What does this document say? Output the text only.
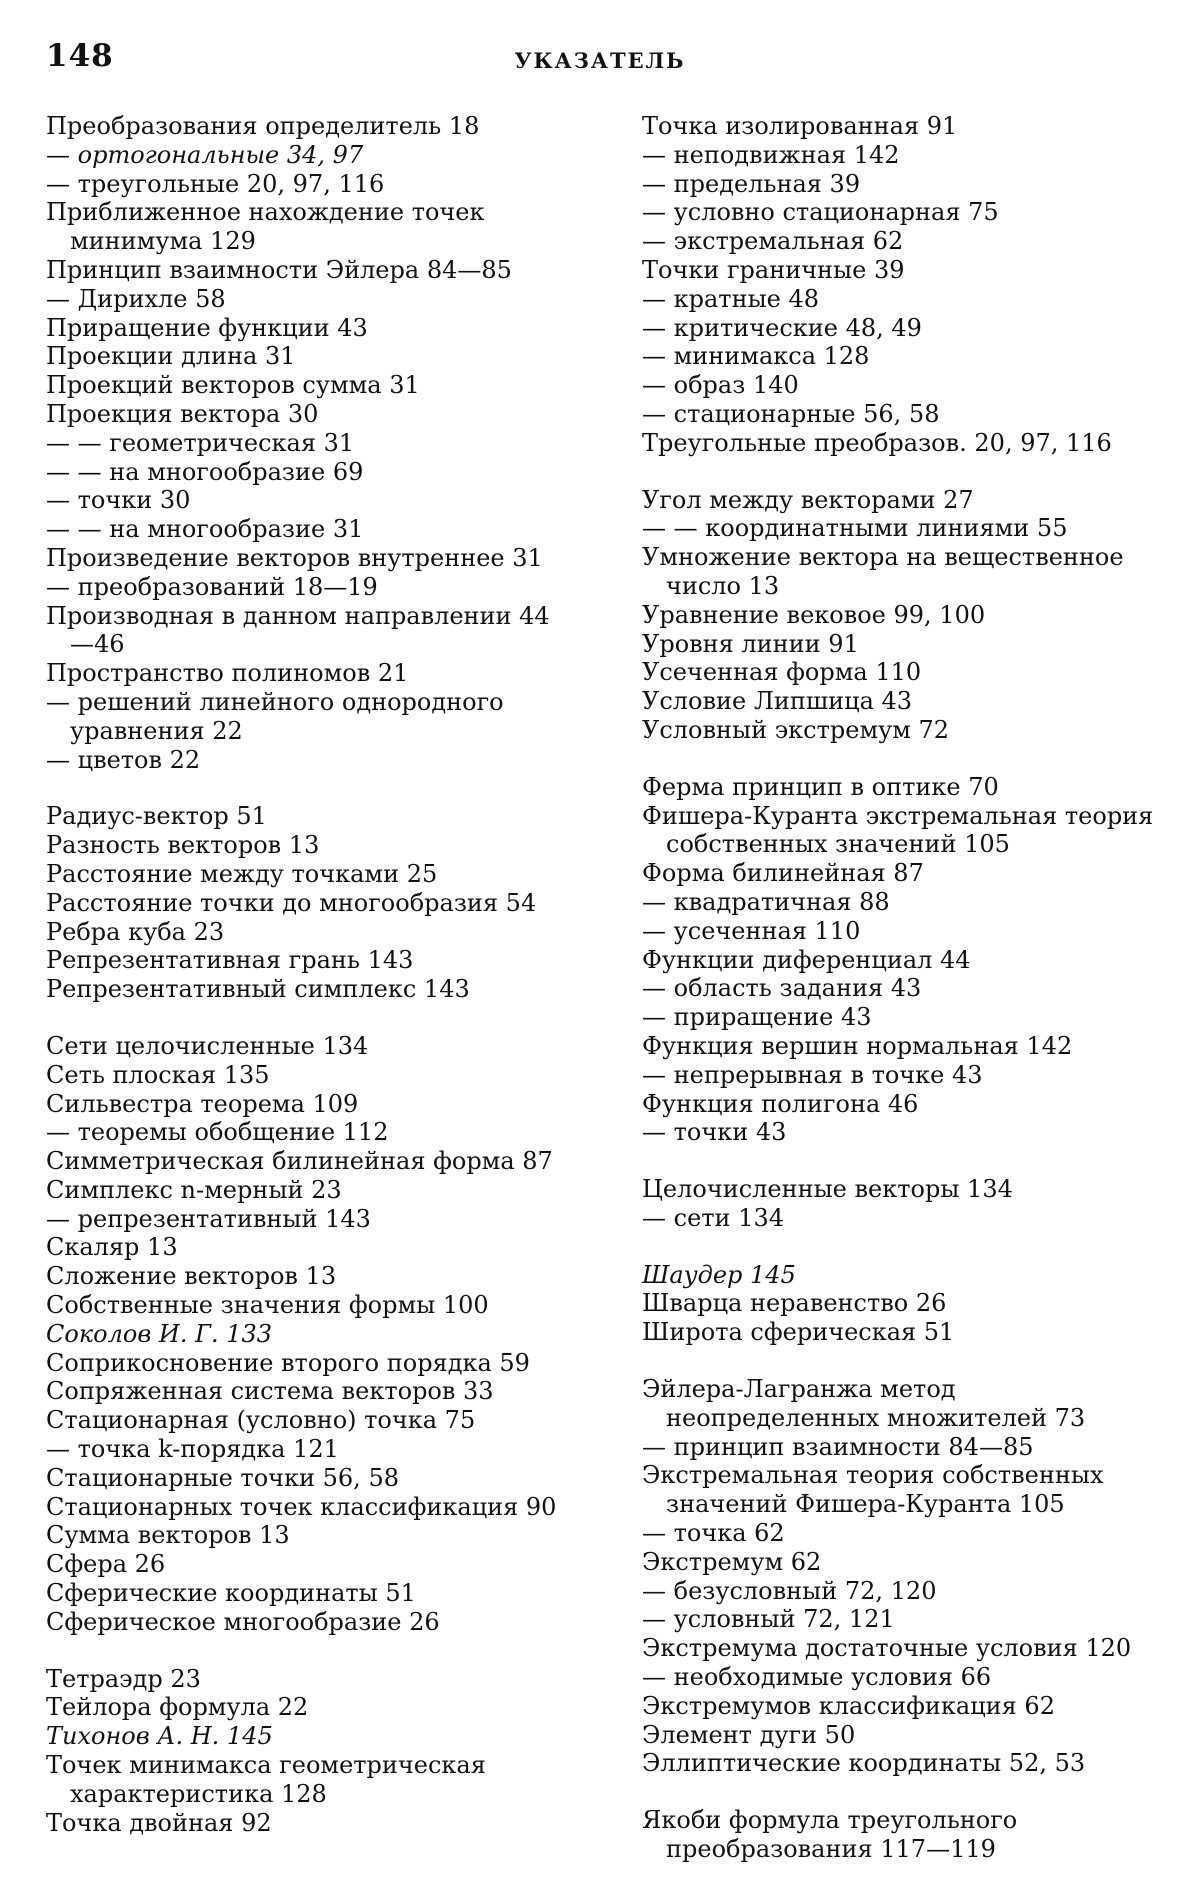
148	УКАЗАТЕЛЬ
Преобразования определитель 18
— ортогональные 34, 97
— треугольные 20, 97, 116
Приближенное нахождение точек минимума 129
Принцип взаимности Эйлера 84—85
— Дирихле 58
Приращение функции 43
Проекции длина 31
Проекций векторов сумма 31
Проекция вектора 30
— — геометрическая 31
— — на многообразие 69
— точки 30
— — на многообразие 31
Произведение векторов внутреннее 31
— преобразований 18—19
Производная в данном направлении 44—46
Пространство полиномов 21
— решений линейного однородного уравнения 22
— цветов 22
Радиус-вектор 51
Разность векторов 13
Расстояние между точками 25
Расстояние точки до многообразия 54
Ребра куба 23
Репрезентативная грань 143
Репрезентативный симплекс 143
Сети целочисленные 134
Сеть плоская 135
Сильвестра теорема 109
— теоремы обобщение 112
Симметрическая билинейная форма 87
Симплекс n-мерный 23
— репрезентативный 143
Скаляр 13
Сложение векторов 13
Собственные значения формы 100
Соколов И. Г. 133
Соприкосновение второго порядка 59
Сопряженная система векторов 33
Стационарная (условно) точка 75
— точка k-порядка 121
Стационарные точки 56, 58
Стационарных точек классификация 90
Сумма векторов 13
Сфера 26
Сферические координаты 51
Сферическое многообразие 26
Тетраэдр 23
Тейлора формула 22
Тихонов А. Н. 145
Точек минимакса геометрическая характеристика 128
Точка двойная 92
Точка изолированная 91
— неподвижная 142
— предельная 39
— условно стационарная 75
— экстремальная 62
Точки граничные 39
— кратные 48
— критические 48, 49
— минимакса 128
— образ 140
— стационарные 56, 58
Треугольные преобразов. 20, 97, 116
Угол между векторами 27
— — координатными линиями 55
Умножение вектора на вещественное число 13
Уравнение вековое 99, 100
Уровня линии 91
Усеченная форма 110
Условие Липшица 43
Условный экстремум 72
Ферма принцип в оптике 70
Фишера-Куранта экстремальная теория собственных значений 105
Форма билинейная 87
— квадратичная 88
— усеченная 110
Функции диференциал 44
— область задания 43
— приращение 43
Функция вершин нормальная 142
— непрерывная в точке 43
Функция полигона 46
— точки 43
Целочисленные векторы 134
— сети 134
Шаудер 145
Шварца неравенство 26
Широта сферическая 51
Эйлера-Лагранжа метод неопределенных множителей 73
— принцип взаимности 84—85
Экстремальная теория собственных значений Фишера-Куранта 105
— точка 62
Экстремум 62
— безусловный 72, 120
— условный 72, 121
Экстремума достаточные условия 120
— необходимые условия 66
Экстремумов классификация 62
Элемент дуги 50
Эллиптические координаты 52, 53
Якоби формула треугольного преобразования 117—119
